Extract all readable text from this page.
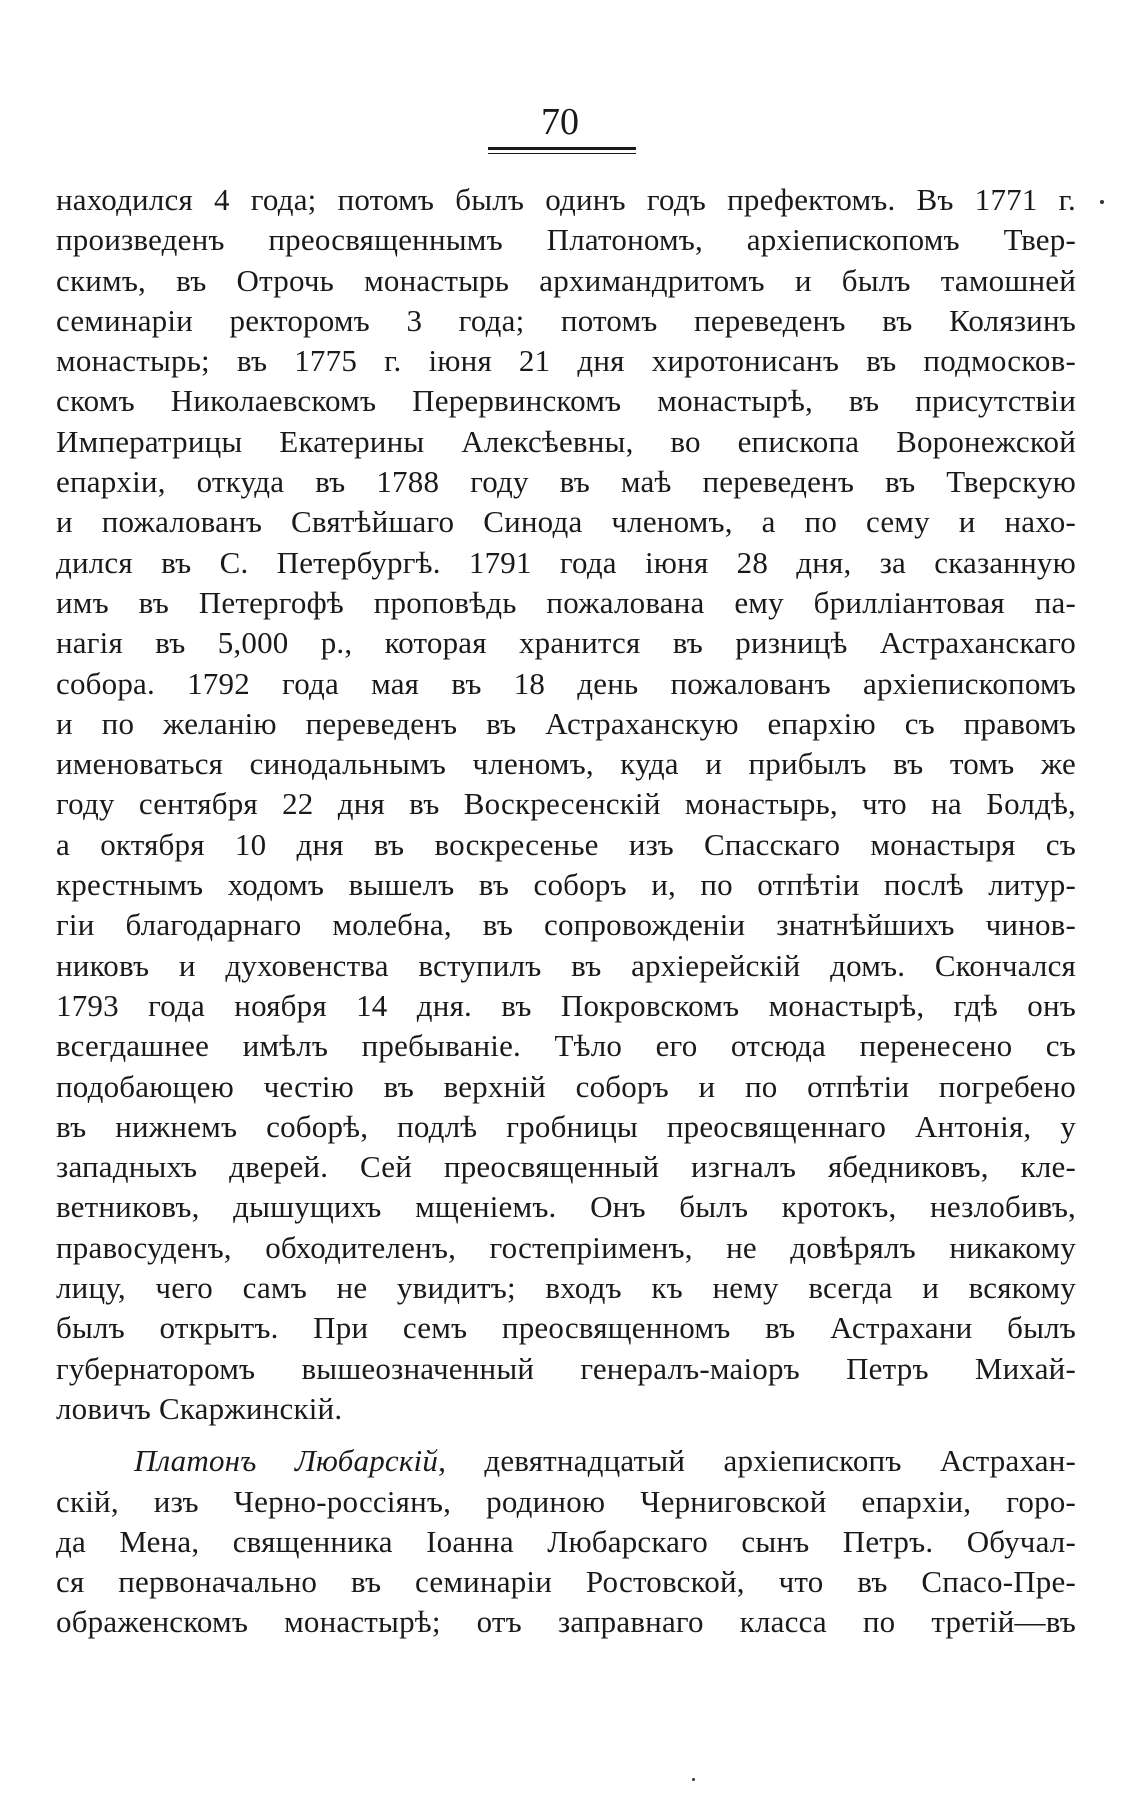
70
находился 4 года; потомъ былъ одинъ годъ префектомъ. Въ 1771 г.
произведенъ преосвященнымъ Платономъ, архіепископомъ Твер-
скимъ, въ Отрочь монастырь архимандритомъ и былъ тамошней
семинаріи ректоромъ 3 года; потомъ переведенъ въ Колязинъ
монастырь; въ 1775 г. іюня 21 дня хиротонисанъ въ подмосков-
скомъ Николаевскомъ Перервинскомъ монастырѣ, въ присутствіи
Императрицы Екатерины Алексѣевны, во епископа Воронежской
епархіи, откуда въ 1788 году въ маѣ переведенъ въ Тверскую
и пожалованъ Святѣйшаго Синода членомъ, а по сему и нахо-
дился въ С. Петербургѣ. 1791 года іюня 28 дня, за сказанную
имъ въ Петергофѣ проповѣдь пожалована ему брилліантовая па-
нагія въ 5,000 р., которая хранится въ ризницѣ Астраханскаго
собора. 1792 года мая въ 18 день пожалованъ архіепископомъ
и по желанію переведенъ въ Астраханскую епархію съ правомъ
именоваться синодальнымъ членомъ, куда и прибылъ въ томъ же
году сентября 22 дня въ Воскресенскій монастырь, что на Болдѣ,
а октября 10 дня въ воскресенье изъ Спасскаго монастыря съ
крестнымъ ходомъ вышелъ въ соборъ и, по отпѣтіи послѣ литур-
гіи благодарнаго молебна, въ сопровожденіи знатнѣйшихъ чинов-
никовъ и духовенства вступилъ въ архіерейскій домъ. Скончался
1793 года ноября 14 дня. въ Покровскомъ монастырѣ, гдѣ онъ
всегдашнее имѣлъ пребываніе. Тѣло его отсюда перенесено съ
подобающею честію въ верхній соборъ и по отпѣтіи погребено
въ нижнемъ соборѣ, подлѣ гробницы преосвященнаго Антонія, у
западныхъ дверей. Сей преосвященный изгналъ ябедниковъ, кле-
ветниковъ, дышущихъ мщеніемъ. Онъ былъ кротокъ, незлобивъ,
правосуденъ, обходителенъ, гостепріименъ, не довѣрялъ никакому
лицу, чего самъ не увидитъ; входъ къ нему всегда и всякому
былъ открытъ. При семъ преосвященномъ въ Астрахани былъ
губернаторомъ вышеозначенный генералъ-маіоръ Петръ Михай-
ловичъ Скаржинскій.
Платонъ Любарскій, девятнадцатый архіепископъ Астрахан-
скій, изъ Черно-россіянъ, родиною Черниговской епархіи, горо-
да Мена, священника Іоанна Любарскаго сынъ Петръ. Обучал-
ся первоначально въ семинаріи Ростовской, что въ Спасо-Пре-
ображенскомъ монастырѣ; отъ заправнаго класса по третій—въ
